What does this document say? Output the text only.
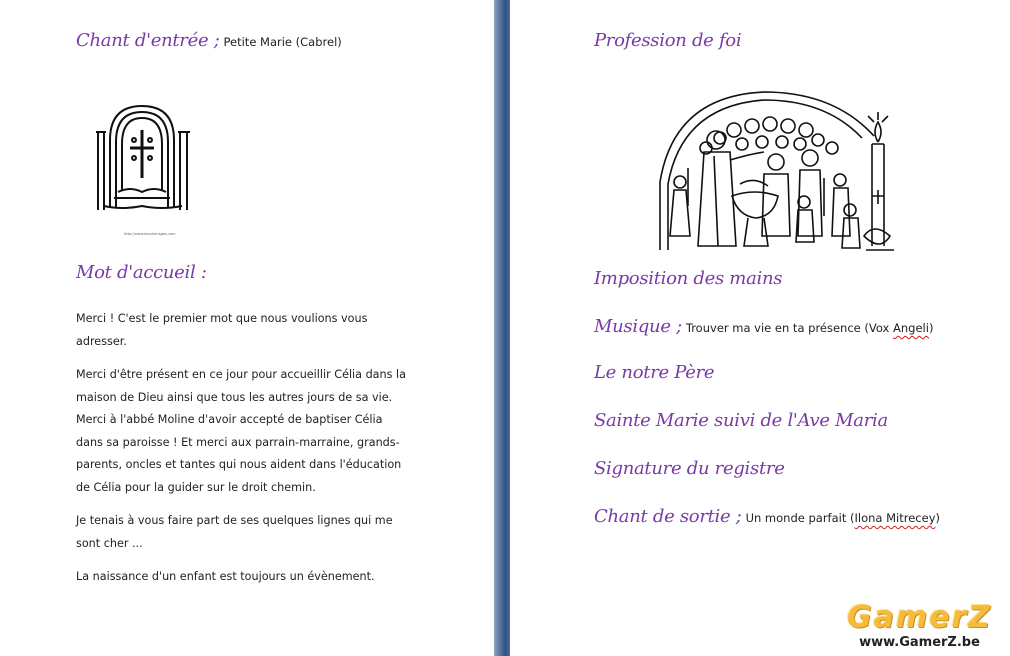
Chant d'entrée ; Petite Marie (Cabrel)
http://www.lescoloriages.com
Mot d'accueil :

Merci ! C'est le premier mot que nous voulions vous adresser.

Merci d'être présent en ce jour pour accueillir Célia dans la maison de Dieu ainsi que tous les autres jours de sa vie. Merci à l'abbé Moline d'avoir accepté de baptiser Célia dans sa paroisse ! Et merci aux parrain-marraine, grands-parents, oncles et tantes qui nous aident dans l'éducation de Célia pour la guider sur le droit chemin.

Je tenais à vous faire part de ses quelques lignes qui me sont cher ...

La naissance d'un enfant est toujours un évènement.

Profession de foi
Imposition des mains
Musique ; Trouver ma vie en ta présence (Vox Angeli)
Le notre Père
Sainte Marie suivi de l'Ave Maria
Signature du registre
Chant de sortie ; Un monde parfait (Ilona Mitrecey)
GamerZ
www.GamerZ.be
